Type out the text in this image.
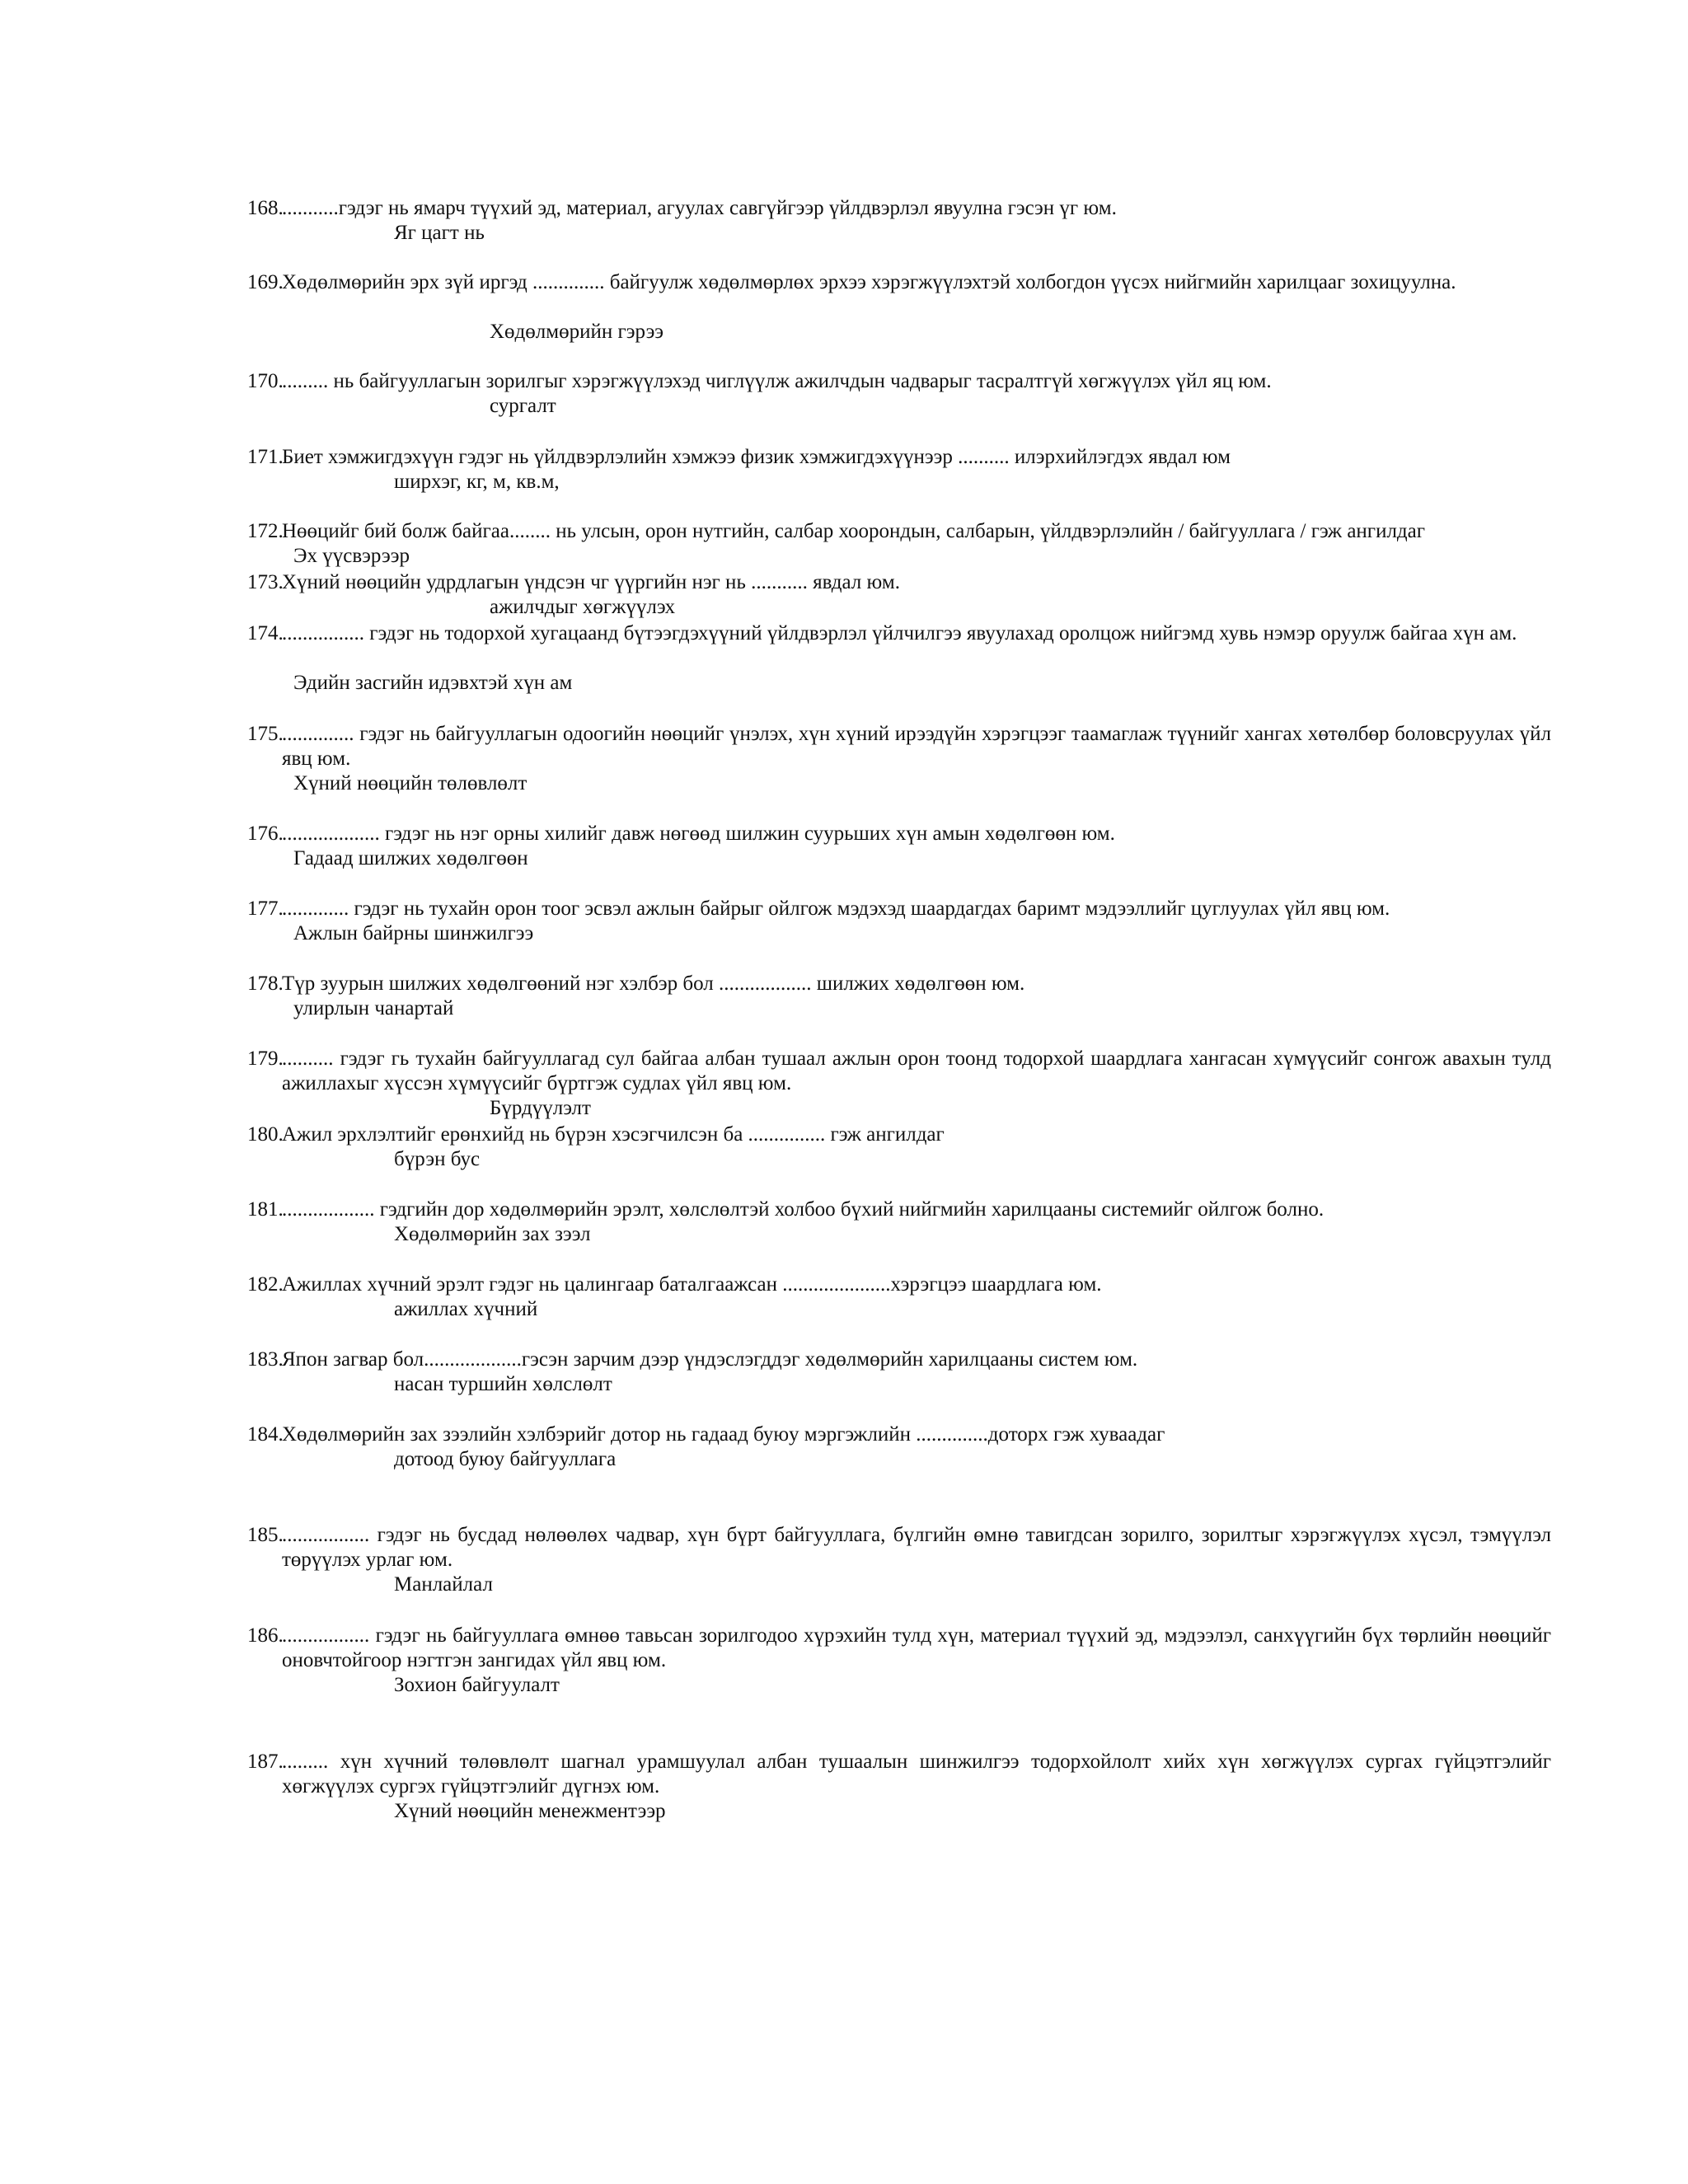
168.
...........гэдэг нь ямарч түүхий эд, материал, агуулах савгүйгээр үйлдвэрлэл явуулна гэсэн үг юм.
Яг цагт нь
169.
Хөдөлмөрийн эрх зүй иргэд .............. байгуулж хөдөлмөрлөх эрхээ хэрэгжүүлэхтэй холбогдон үүсэх нийгмийн харилцааг зохицуулна.
Хөдөлмөрийн гэрээ
170.
......... нь байгууллагын зорилгыг хэрэгжүүлэхэд чиглүүлж ажилчдын чадварыг тасралтгүй хөгжүүлэх үйл яц юм.
сургалт
171.
Биет хэмжигдэхүүн гэдэг нь үйлдвэрлэлийн хэмжээ физик хэмжигдэхүүнээр .......... илэрхийлэгдэх явдал юм
ширхэг, кг, м, кв.м,
172.
Нөөцийг бий болж байгаа........ нь улсын, орон нутгийн, салбар хоорондын, салбарын, үйлдвэрлэлийн / байгууллага / гэж ангилдаг
Эх үүсвэрээр
173.
Хүний нөөцийн удрдлагын үндсэн чг үүргийн нэг нь ........... явдал юм.
ажилчдыг хөгжүүлэх
174.
................ гэдэг нь тодорхой хугацаанд бүтээгдэхүүний үйлдвэрлэл үйлчилгээ явуулахад оролцож нийгэмд хувь нэмэр оруулж байгаа хүн ам.
Эдийн засгийн идэвхтэй хүн ам
175.
.............. гэдэг нь байгууллагын одоогийн нөөцийг үнэлэх, хүн хүний ирээдүйн хэрэгцээг таамаглаж түүнийг хангах хөтөлбөр боловсруулах үйл явц юм.
Хүний нөөцийн төлөвлөлт
176.
................... гэдэг нь нэг орны хилийг давж нөгөөд шилжин суурьших хүн амын хөдөлгөөн юм.
Гадаад шилжих хөдөлгөөн
177.
............. гэдэг нь тухайн орон тоог эсвэл ажлын байрыг ойлгож мэдэхэд шаардагдах баримт мэдээллийг цуглуулах үйл явц юм.
Ажлын байрны шинжилгээ
178.
Түр зуурын шилжих хөдөлгөөний нэг хэлбэр бол .................. шилжих хөдөлгөөн юм.
улирлын чанартай
179.
.......... гэдэг гь тухайн байгууллагад сул байгаа албан тушаал ажлын орон тоонд тодорхой шаардлага хангасан хүмүүсийг сонгож авахын тулд ажиллахыг хүссэн хүмүүсийг бүртгэж судлах үйл явц юм.
Бүрдүүлэлт
180.
Ажил эрхлэлтийг ерөнхийд нь бүрэн хэсэгчилсэн ба ............... гэж ангилдаг
бүрэн бус
181.
.................. гэдгийн дор хөдөлмөрийн эрэлт, хөлслөлтэй холбоо бүхий нийгмийн харилцааны системийг ойлгож болно.
Хөдөлмөрийн зах зээл
182.
Ажиллах хүчний эрэлт гэдэг нь цалингаар баталгаажсан .....................хэрэгцээ шаардлага юм.
ажиллах хүчний
183.
Япон загвар бол...................гэсэн зарчим дээр үндэслэгддэг хөдөлмөрийн харилцааны систем юм.
насан туршийн хөлслөлт
184.
Хөдөлмөрийн зах зээлийн хэлбэрийг дотор нь гадаад буюу мэргэжлийн ..............доторх гэж хуваадаг
дотоод буюу байгууллага
185.
................. гэдэг нь бусдад нөлөөлөх чадвар, хүн бүрт байгууллага, бүлгийн өмнө тавигдсан зорилго, зорилтыг хэрэгжүүлэх хүсэл, тэмүүлэл төрүүлэх урлаг юм.
Манлайлал
186.
................. гэдэг нь байгууллага өмнөө тавьсан зорилгодоо хүрэхийн тулд хүн, материал түүхий эд, мэдээлэл, санхүүгийн бүх төрлийн нөөцийг оновчтойгоор нэгтгэн зангидах үйл явц юм.
Зохион байгуулалт
187.
......... хүн хүчний төлөвлөлт шагнал урамшуулал албан тушаалын шинжилгээ тодорхойлолт хийх хүн хөгжүүлэх сургах гүйцэтгэлийг хөгжүүлэх сургэх гүйцэтгэлийг дүгнэх юм.
Хүний нөөцийн менежментээр
